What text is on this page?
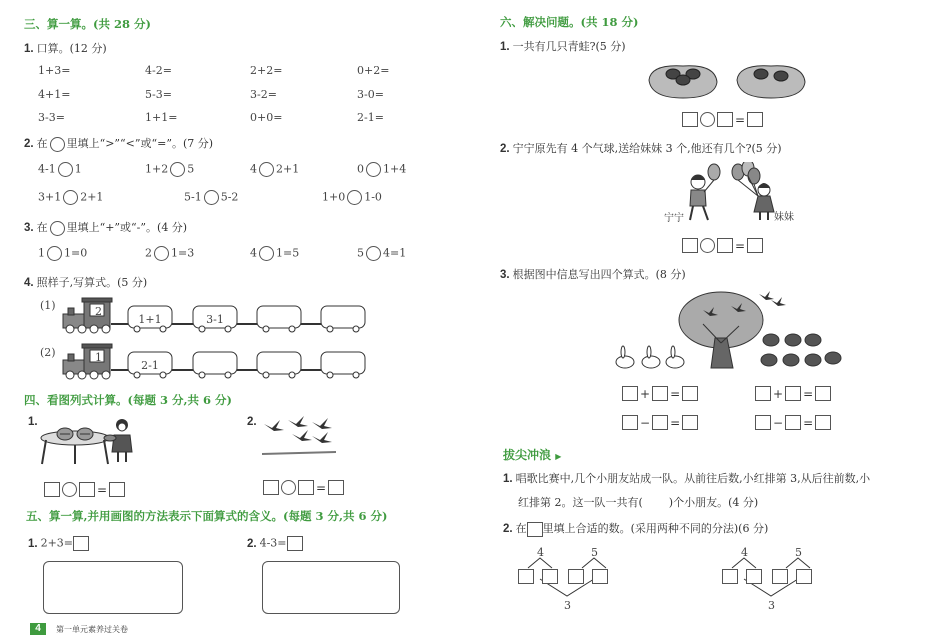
三、算一算。(共 28 分)
1. 口算。(12 分)
1+3=	4-2=	2+2=	0+2=
4+1=	5-3=	3-2=	3-0=
3-3=	1+1=	0+0=	2-1=
2. 在 里填上“>”“<”或“=”。(7 分)
4-1 1	1+2 5	4 2+1	0 1+4
3+1 2+1	5-1 5-2	1+0 1-0
3. 在 里填上“+”或“-”。(4 分)
1 1=0	2 1=3	4 1=5	5 4=1
4. 照样子,写算式。(5 分)
(1)	2
1+1	3-1
(2)	1
2-1
四、看图列式计算。(每题 3 分,共 6 分)
1.	2.
=	=
五、算一算,并用画图的方法表示下面算式的含义。(每题 3 分,共 6 分)
1. 2+3=	2. 4-3=
4	第一单元素养过关卷
六、解决问题。(共 18 分)
1. 一共有几只青蛙?(5 分)
=
2. 宁宁原先有 4 个气球,送给妹妹 3 个,他还有几个?(5 分)
宁宁	妹妹
=
3. 根据图中信息写出四个算式。(8 分)
+ =	+ =
− =	− =
拔尖冲浪 ▶
1. 唱歌比赛中,几个小朋友站成一队。从前往后数,小红排第 3,从后往前数,小
红排第 2。这一队一共有( )个小朋友。(4 分)
2. 在 里填上合适的数。(采用两种不同的分法)(6 分)
4	5
3
4	5
3
